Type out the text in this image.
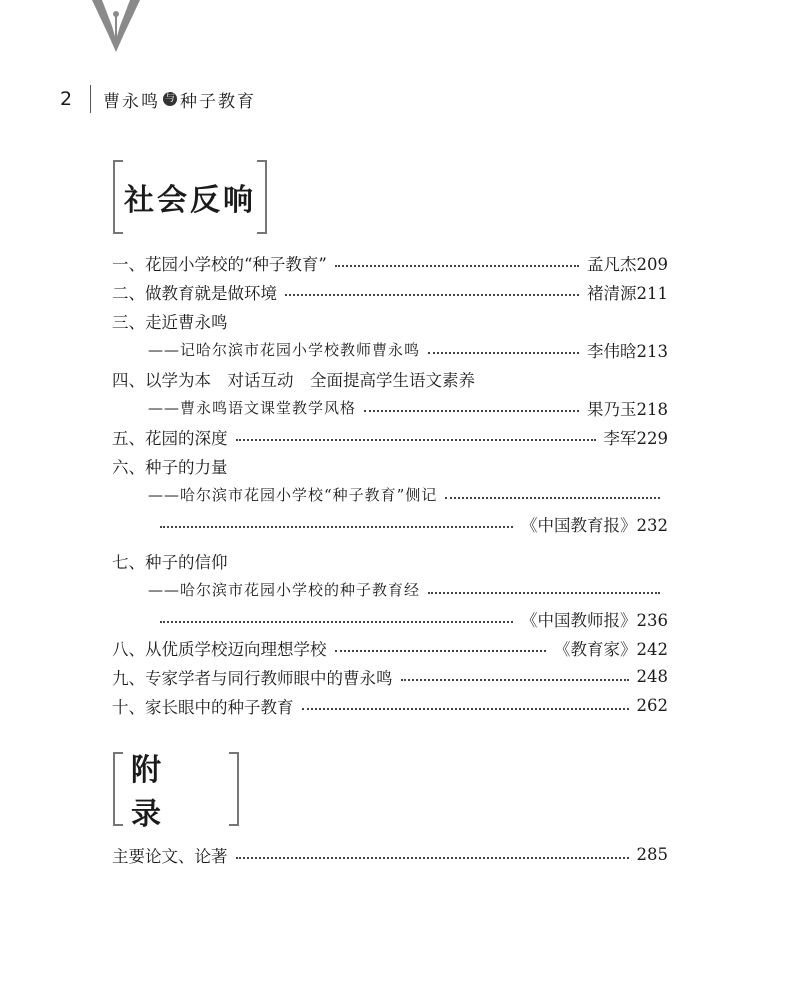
2	曹永鸣 与 种子教育
社会反响
一、花园小学校的“种子教育”	孟凡杰209
二、做教育就是做环境	褚清源211
三、走近曹永鸣
——记哈尔滨市花园小学校教师曹永鸣	李伟晗213
四、以学为本　对话互动　全面提高学生语文素养
——曹永鸣语文课堂教学风格	果乃玉218
五、花园的深度	李军229
六、种子的力量
——哈尔滨市花园小学校“种子教育”侧记
《中国教育报》232
七、种子的信仰
——哈尔滨市花园小学校的种子教育经
《中国教师报》236
八、从优质学校迈向理想学校	《教育家》242
九、专家学者与同行教师眼中的曹永鸣	248
十、家长眼中的种子教育	262
附　录
主要论文、论著	285
